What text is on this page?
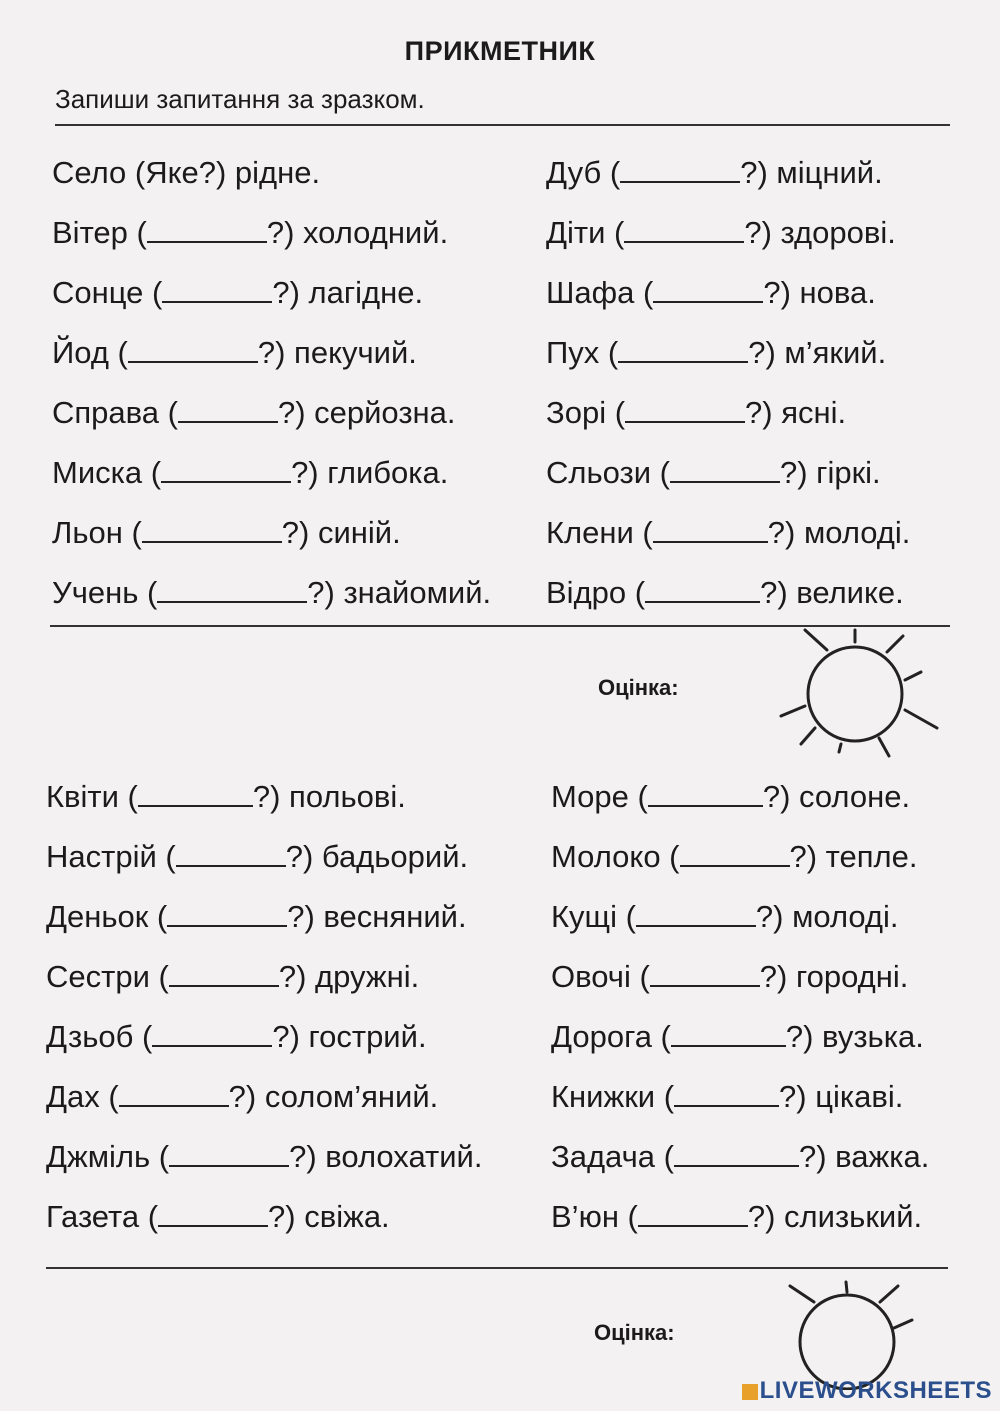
ПРИКМЕТНИК
Запиши запитання за зразком.
Село (Яке?) рідне.
Вітер (	?) холодний.
Сонце (	?) лагідне.
Йод (	?) пекучий.
Справа (	?) серйозна.
Миска (	?) глибока.
Льон (	?) синій.
Учень (	?) знайомий.
Дуб (	?) міцний.
Діти (	?) здорові.
Шафа (	?) нова.
Пух (	?) м’який.
Зорі (	?) ясні.
Сльози (	?) гіркі.
Клени (	?) молоді.
Відро (	?) велике.
Оцінка:
Квіти (	?) польові.
Настрій (	?) бадьорий.
Деньок (	?) весняний.
Сестри (	?) дружні.
Дзьоб (	?) гострий.
Дах (	?) солом’яний.
Джміль (	?) волохатий.
Газета (	?) свіжа.
Море (	?) солоне.
Молоко (	?) тепле.
Кущі (	?) молоді.
Овочі (	?) городні.
Дорога (	?) вузька.
Книжки (	?) цікаві.
Задача (	?) важка.
В’юн (	?) слизький.
Оцінка:
LIVEWORKSHEETS
